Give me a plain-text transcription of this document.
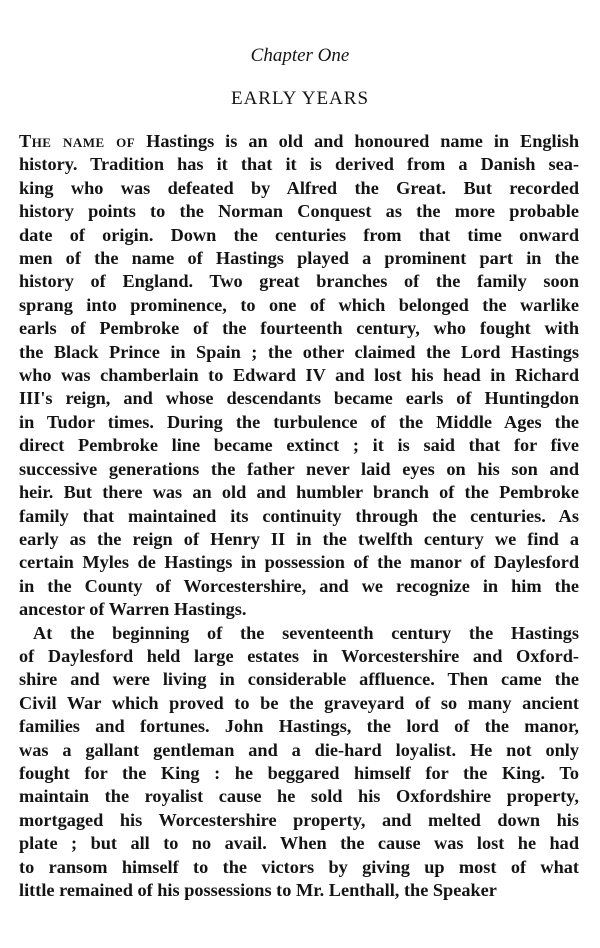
Chapter One
EARLY YEARS

The name of Hastings is an old and honoured name in English
history. Tradition has it that it is derived from a Danish sea-
king who was defeated by Alfred the Great. But recorded
history points to the Norman Conquest as the more probable
date of origin. Down the centuries from that time onward
men of the name of Hastings played a prominent part in the
history of England. Two great branches of the family soon
sprang into prominence, to one of which belonged the warlike
earls of Pembroke of the fourteenth century, who fought with
the Black Prince in Spain ; the other claimed the Lord Hastings
who was chamberlain to Edward IV and lost his head in Richard
III's reign, and whose descendants became earls of Huntingdon
in Tudor times. During the turbulence of the Middle Ages the
direct Pembroke line became extinct ; it is said that for five
successive generations the father never laid eyes on his son and
heir. But there was an old and humbler branch of the Pembroke
family that maintained its continuity through the centuries. As
early as the reign of Henry II in the twelfth century we find a
certain Myles de Hastings in possession of the manor of Daylesford
in the County of Worcestershire, and we recognize in him the
ancestor of Warren Hastings.

At the beginning of the seventeenth century the Hastings
of Daylesford held large estates in Worcestershire and Oxford-
shire and were living in considerable affluence. Then came the
Civil War which proved to be the graveyard of so many ancient
families and fortunes. John Hastings, the lord of the manor,
was a gallant gentleman and a die-hard loyalist. He not only
fought for the King : he beggared himself for the King. To
maintain the royalist cause he sold his Oxfordshire property,
mortgaged his Worcestershire property, and melted down his
plate ; but all to no avail. When the cause was lost he had
to ransom himself to the victors by giving up most of what
little remained of his possessions to Mr. Lenthall, the Speaker
